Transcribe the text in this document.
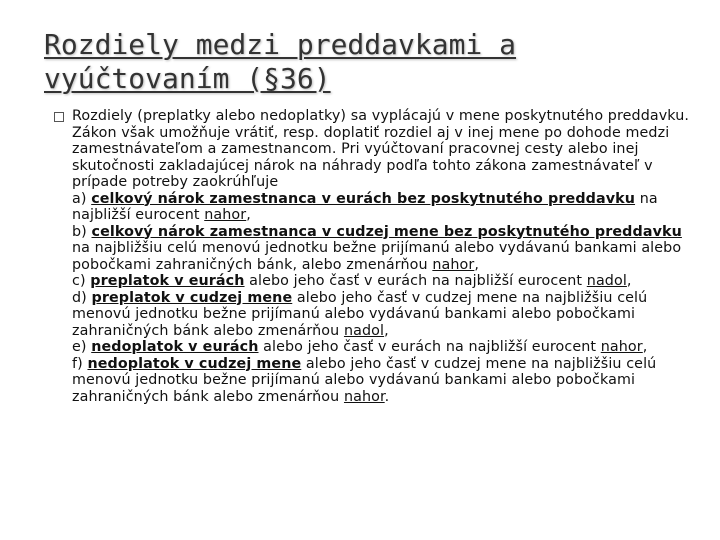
Rozdiely medzi preddavkami a
vyúčtovaním (§36)

Rozdiely (preplatky alebo nedoplatky) sa vyplácajú v mene poskytnutého preddavku. Zákon však umožňuje vrátiť, resp. doplatiť rozdiel aj v inej mene po dohode medzi zamestnávateľom a zamestnancom. Pri vyúčtovaní pracovnej cesty alebo inej skutočnosti zakladajúcej nárok na náhrady podľa tohto zákona zamestnávateľ v prípade potreby zaokrúhľuje

a) celkový nárok zamestnanca v eurách bez poskytnutého preddavku na najbližší eurocent nahor,

b) celkový nárok zamestnanca v cudzej mene bez poskytnutého preddavku na najbližšiu celú menovú jednotku bežne prijímanú alebo vydávanú bankami alebo pobočkami zahraničných bánk, alebo zmenárňou nahor,

c) preplatok v eurách alebo jeho časť v eurách na najbližší eurocent nadol,

d) preplatok v cudzej mene alebo jeho časť v cudzej mene na najbližšiu celú menovú jednotku bežne prijímanú alebo vydávanú bankami alebo pobočkami zahraničných bánk alebo zmenárňou nadol,

e) nedoplatok v eurách alebo jeho časť v eurách na najbližší eurocent nahor,

f) nedoplatok v cudzej mene alebo jeho časť v cudzej mene na najbližšiu celú menovú jednotku bežne prijímanú alebo vydávanú bankami alebo pobočkami zahraničných bánk alebo zmenárňou nahor.
